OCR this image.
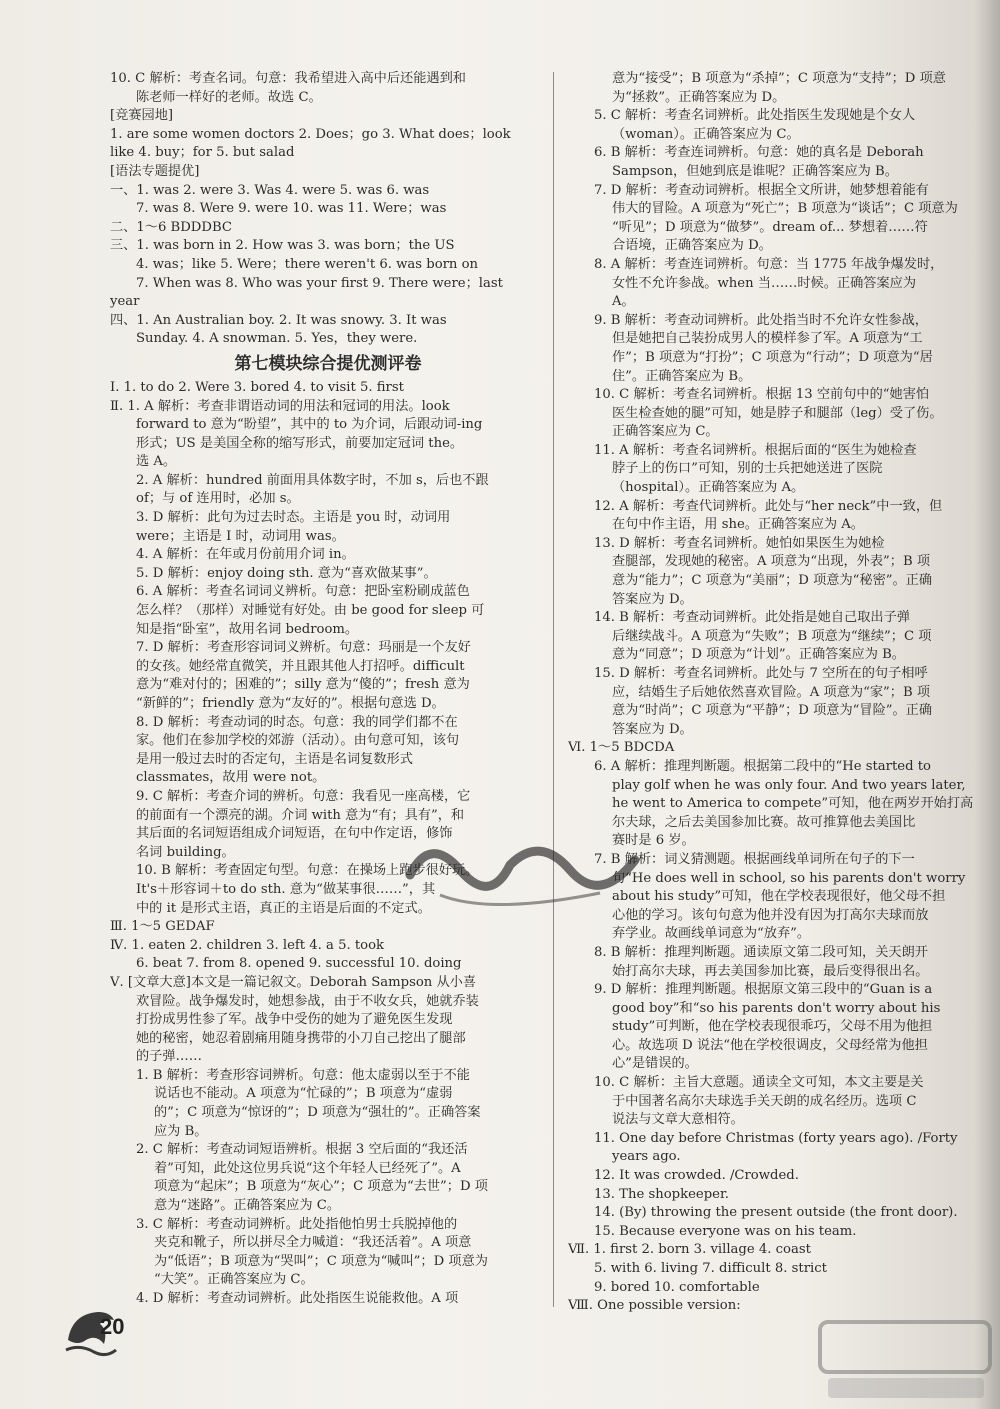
10. C 解析：考查名词。句意：我希望进入高中后还能遇到和
陈老师一样好的老师。故选 C。
[竞赛园地]
1. are some women doctors 2. Does；go 3. What does；look
like 4. buy；for 5. but salad
[语法专题提优]
一、1. was 2. were 3. Was 4. were 5. was 6. was
7. was 8. Were 9. were 10. was 11. Were；was
二、1～6 BDDDBC
三、1. was born in 2. How was 3. was born；the US
4. was；like 5. Were；there weren't 6. was born on
7. When was 8. Who was your first 9. There were；last
year
四、1. An Australian boy. 2. It was snowy. 3. It was
Sunday. 4. A snowman. 5. Yes，they were.
第七模块综合提优测评卷
Ⅰ. 1. to do 2. Were 3. bored 4. to visit 5. first
Ⅱ. 1. A 解析：考查非谓语动词的用法和冠词的用法。look
forward to 意为“盼望”，其中的 to 为介词，后跟动词-ing
形式；US 是美国全称的缩写形式，前要加定冠词 the。
选 A。
2. A 解析：hundred 前面用具体数字时，不加 s，后也不跟
of；与 of 连用时，必加 s。
3. D 解析：此句为过去时态。主语是 you 时，动词用
were；主语是 I 时，动词用 was。
4. A 解析：在年或月份前用介词 in。
5. D 解析：enjoy doing sth. 意为“喜欢做某事”。
6. A 解析：考查名词词义辨析。句意：把卧室粉刷成蓝色
怎么样？（那样）对睡觉有好处。由 be good for sleep 可
知是指“卧室”，故用名词 bedroom。
7. D 解析：考查形容词词义辨析。句意：玛丽是一个友好
的女孩。她经常直微笑，并且跟其他人打招呼。difficult
意为“难对付的；困难的”；silly 意为“傻的”；fresh 意为
“新鲜的”；friendly 意为“友好的”。根据句意选 D。
8. D 解析：考查动词的时态。句意：我的同学们都不在
家。他们在参加学校的郊游（活动）。由句意可知，该句
是用一般过去时的否定句，主语是名词复数形式
classmates，故用 were not。
9. C 解析：考查介词的辨析。句意：我看见一座高楼，它
的前面有一个漂亮的湖。介词 with 意为“有；具有”，和
其后面的名词短语组成介词短语，在句中作定语，修饰
名词 building。
10. B 解析：考查固定句型。句意：在操场上跑步很好玩。
It's＋形容词＋to do sth. 意为“做某事很……”，其
中的 it 是形式主语，真正的主语是后面的不定式。
Ⅲ. 1～5 GEDAF
Ⅳ. 1. eaten 2. children 3. left 4. a 5. took
6. beat 7. from 8. opened 9. successful 10. doing
Ⅴ. [文章大意]本文是一篇记叙文。Deborah Sampson 从小喜
欢冒险。战争爆发时，她想参战，由于不收女兵，她就乔装
打扮成男性参了军。战争中受伤的她为了避免医生发现
她的秘密，她忍着剧痛用随身携带的小刀自己挖出了腿部
的子弹……
1. B 解析：考查形容词辨析。句意：他太虚弱以至于不能
说话也不能动。A 项意为“忙碌的”；B 项意为“虚弱
的”；C 项意为“惊讶的”；D 项意为“强壮的”。正确答案
应为 B。
2. C 解析：考查动词短语辨析。根据 3 空后面的“我还活
着”可知，此处这位男兵说“这个年轻人已经死了”。A
项意为“起床”；B 项意为“灰心”；C 项意为“去世”；D 项
意为“迷路”。正确答案应为 C。
3. C 解析：考查动词辨析。此处指他怕男士兵脱掉他的
夹克和靴子，所以拼尽全力喊道：“我还活着”。A 项意
为“低语”；B 项意为“哭叫”；C 项意为“喊叫”；D 项意为
“大笑”。正确答案应为 C。
4. D 解析：考查动词辨析。此处指医生说能救他。A 项
意为“接受”；B 项意为“杀掉”；C 项意为“支持”；D 项意
为“拯救”。正确答案应为 D。
5. C 解析：考查名词辨析。此处指医生发现她是个女人
（woman）。正确答案应为 C。
6. B 解析：考查连词辨析。句意：她的真名是 Deborah
Sampson，但她到底是谁呢？正确答案应为 B。
7. D 解析：考查动词辨析。根据全文所讲，她梦想着能有
伟大的冒险。A 项意为“死亡”；B 项意为“谈话”；C 项意为
“听见”；D 项意为“做梦”。dream of... 梦想着……符
合语境，正确答案应为 D。
8. A 解析：考查连词辨析。句意：当 1775 年战争爆发时，
女性不允许参战。when 当……时候。正确答案应为
A。
9. B 解析：考查动词辨析。此处指当时不允许女性参战，
但是她把自己装扮成男人的模样参了军。A 项意为“工
作”；B 项意为“打扮”；C 项意为“行动”；D 项意为“居
住”。正确答案应为 B。
10. C 解析：考查名词辨析。根据 13 空前句中的“她害怕
医生检查她的腿”可知，她是脖子和腿部（leg）受了伤。
正确答案应为 C。
11. A 解析：考查名词辨析。根据后面的“医生为她检查
脖子上的伤口”可知，别的士兵把她送进了医院
（hospital）。正确答案应为 A。
12. A 解析：考查代词辨析。此处与“her neck”中一致，但
在句中作主语，用 she。正确答案应为 A。
13. D 解析：考查名词辨析。她怕如果医生为她检
查腿部，发现她的秘密。A 项意为“出现，外表”；B 项
意为“能力”；C 项意为“美丽”；D 项意为“秘密”。正确
答案应为 D。
14. B 解析：考查动词辨析。此处指是她自己取出子弹
后继续战斗。A 项意为“失败”；B 项意为“继续”；C 项
意为“同意”；D 项意为“计划”。正确答案应为 B。
15. D 解析：考查名词辨析。此处与 7 空所在的句子相呼
应，结婚生子后她依然喜欢冒险。A 项意为“家”；B 项
意为“时尚”；C 项意为“平静”；D 项意为“冒险”。正确
答案应为 D。
Ⅵ. 1～5 BDCDA
6. A 解析：推理判断题。根据第二段中的“He started to
play golf when he was only four. And two years later,
he went to America to compete”可知，他在两岁开始打高
尔夫球，之后去美国参加比赛。故可推算他去美国比
赛时是 6 岁。
7. B 解析：词义猜测题。根据画线单词所在句子的下一
句“He does well in school, so his parents don't worry
about his study”可知，他在学校表现很好，他父母不担
心他的学习。该句句意为他并没有因为打高尔夫球而放
弃学业。故画线单词意为“放弃”。
8. B 解析：推理判断题。通读原文第二段可知，关天朗开
始打高尔夫球，再去美国参加比赛，最后变得很出名。
9. D 解析：推理判断题。根据原文第三段中的“Guan is a
good boy”和“so his parents don't worry about his
study”可判断，他在学校表现很乖巧，父母不用为他担
心。故选项 D 说法“他在学校很调皮，父母经常为他担
心”是错误的。
10. C 解析：主旨大意题。通读全文可知，本文主要是关
于中国著名高尔夫球选手关天朗的成名经历。选项 C
说法与文章大意相符。
11. One day before Christmas (forty years ago). /Forty
years ago.
12. It was crowded. /Crowded.
13. The shopkeeper.
14. (By) throwing the present outside (the front door).
15. Because everyone was on his team.
Ⅶ. 1. first 2. born 3. village 4. coast
5. with 6. living 7. difficult 8. strict
9. bored 10. comfortable
Ⅷ. One possible version:
20
